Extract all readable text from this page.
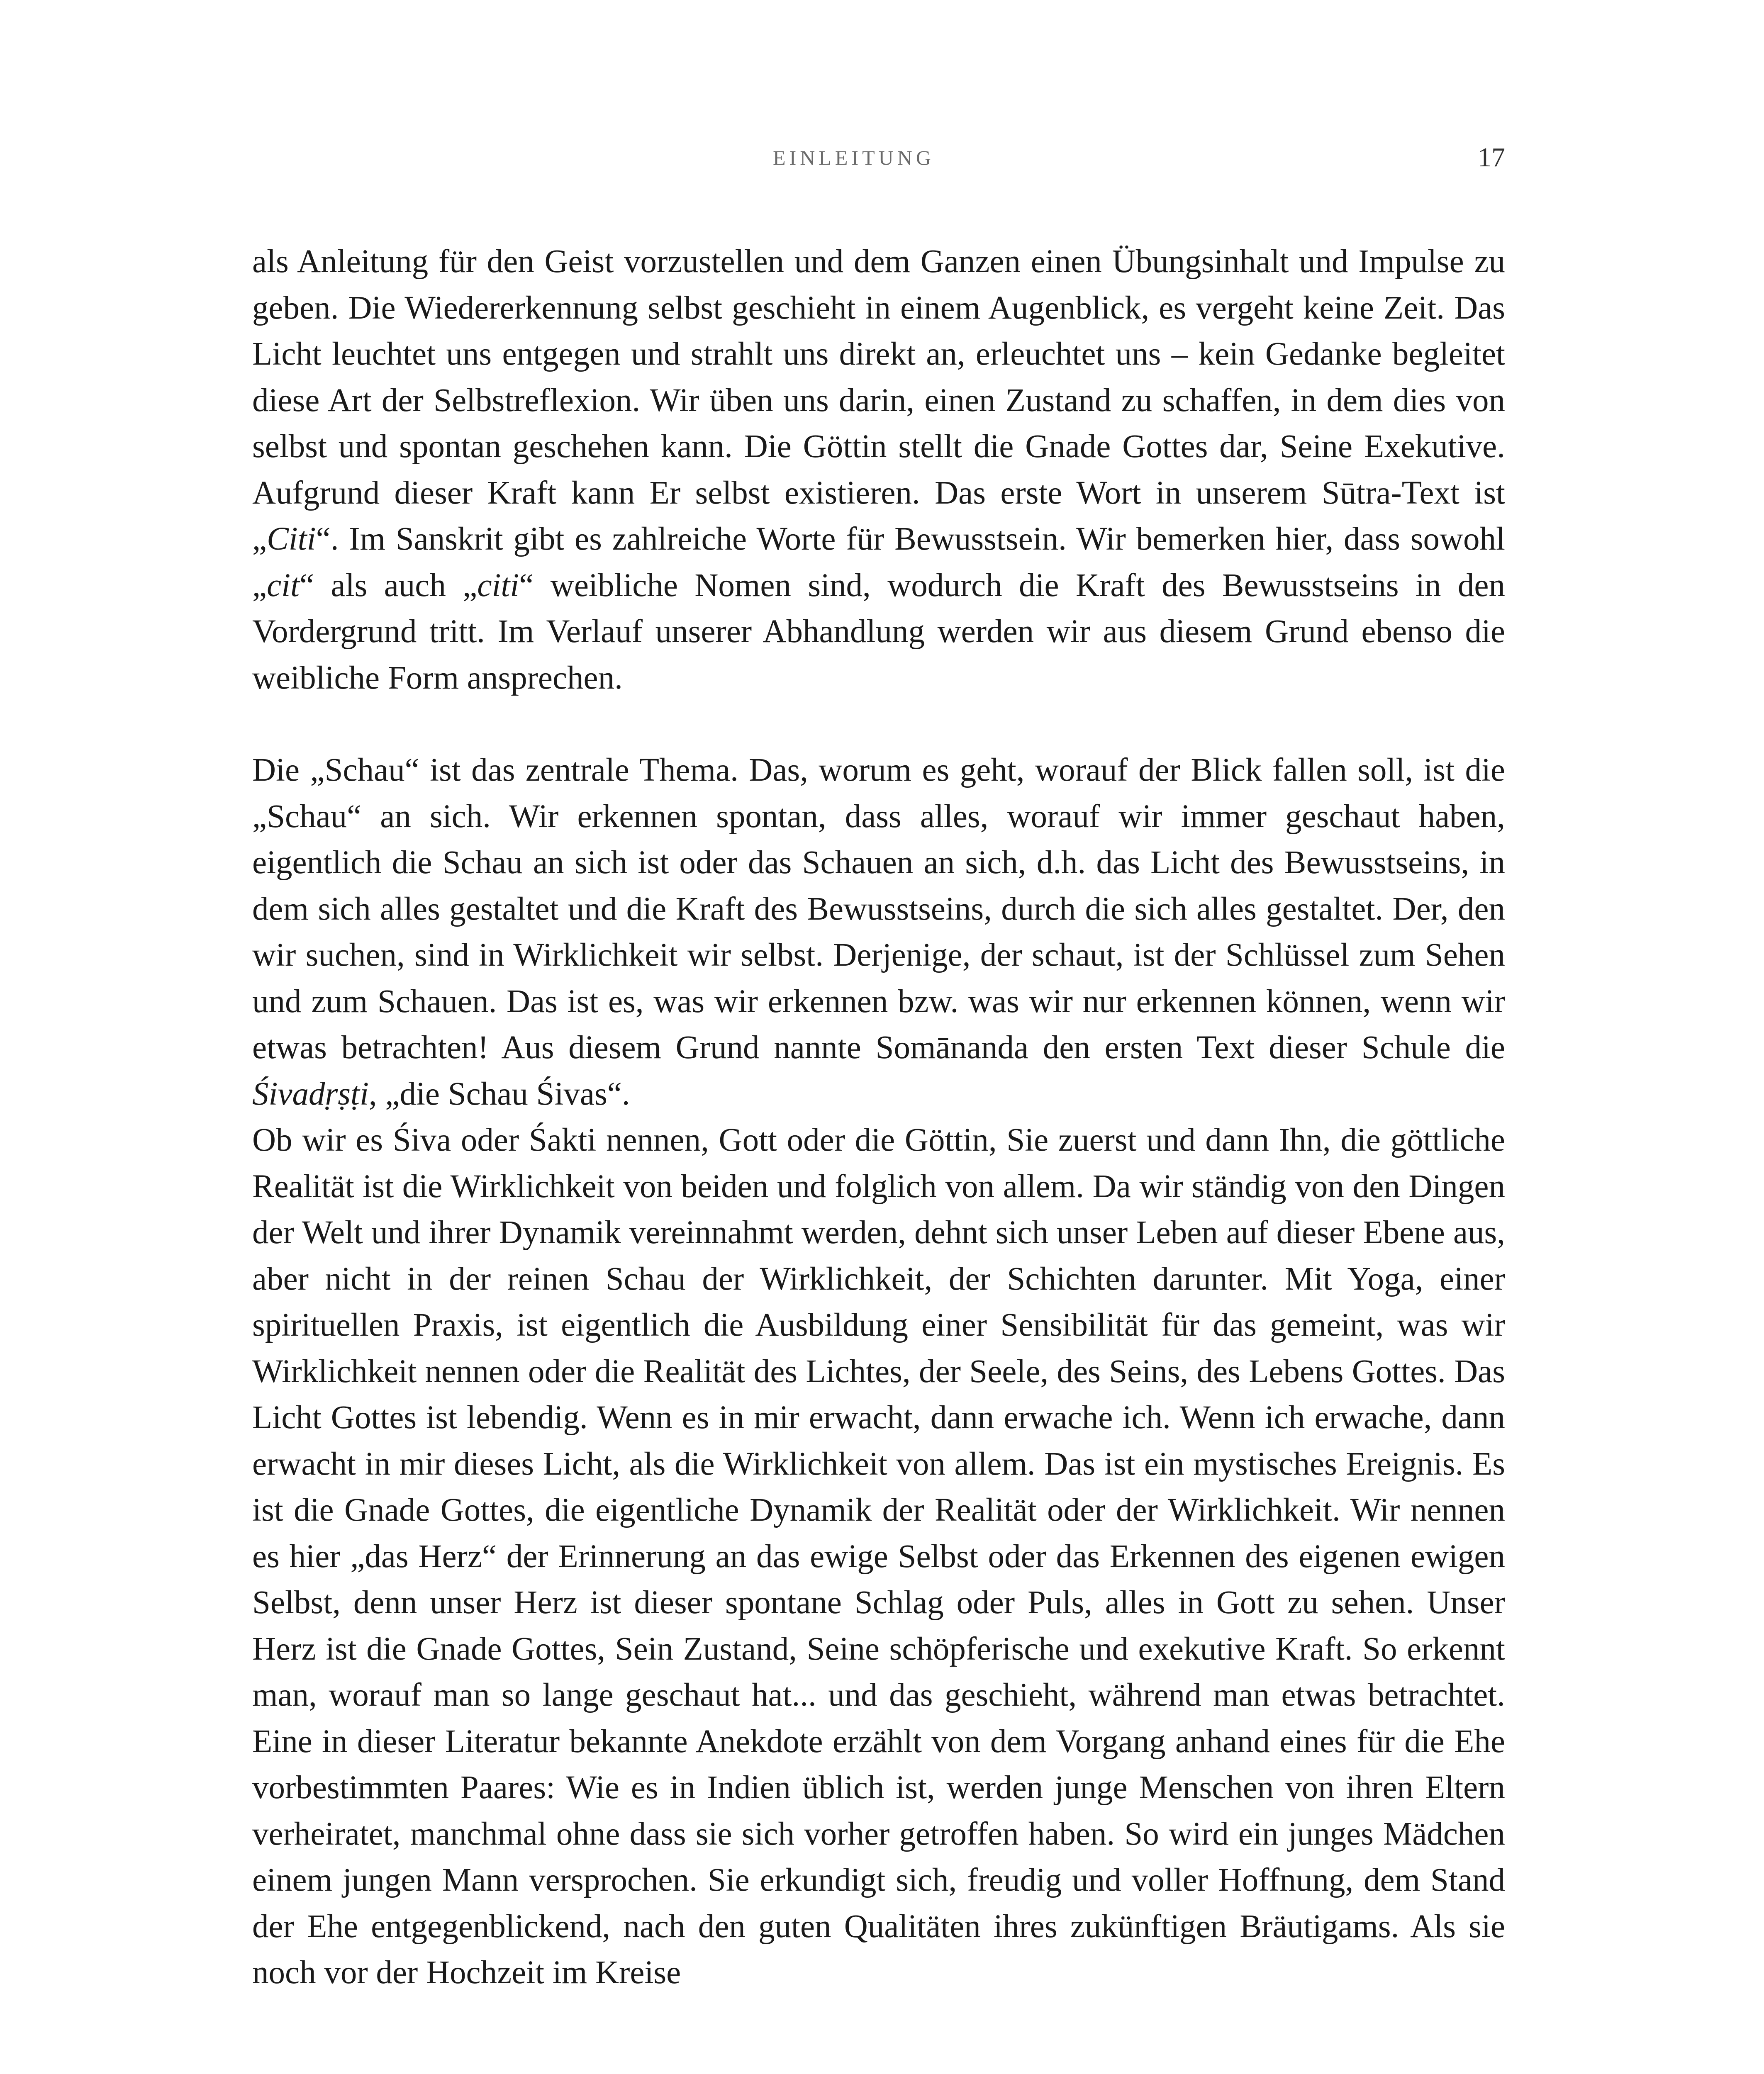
EINLEITUNG	17

als Anleitung für den Geist vorzustellen und dem Ganzen einen Übungsinhalt und Impulse zu geben. Die Wiedererkennung selbst geschieht in einem Augenblick, es vergeht keine Zeit. Das Licht leuchtet uns entgegen und strahlt uns direkt an, erleuchtet uns – kein Gedanke begleitet diese Art der Selbstreflexion. Wir üben uns darin, einen Zustand zu schaffen, in dem dies von selbst und spontan geschehen kann. Die Göttin stellt die Gnade Gottes dar, Seine Exekutive. Aufgrund dieser Kraft kann Er selbst existieren. Das erste Wort in unserem Sūtra-Text ist „Citi“. Im Sanskrit gibt es zahlreiche Worte für Bewusstsein. Wir bemerken hier, dass sowohl „cit“ als auch „citi“ weibliche Nomen sind, wodurch die Kraft des Bewusstseins in den Vordergrund tritt. Im Verlauf unserer Abhandlung werden wir aus diesem Grund ebenso die weibliche Form ansprechen.

Die „Schau“ ist das zentrale Thema. Das, worum es geht, worauf der Blick fallen soll, ist die „Schau“ an sich. Wir erkennen spontan, dass alles, worauf wir immer geschaut haben, eigentlich die Schau an sich ist oder das Schauen an sich, d.h. das Licht des Bewusstseins, in dem sich alles gestaltet und die Kraft des Bewusstseins, durch die sich alles gestaltet. Der, den wir suchen, sind in Wirklichkeit wir selbst. Derjenige, der schaut, ist der Schlüssel zum Sehen und zum Schauen. Das ist es, was wir erkennen bzw. was wir nur erkennen können, wenn wir etwas betrachten! Aus diesem Grund nannte Somānanda den ersten Text dieser Schule die Śivadṛṣṭi, „die Schau Śivas“.

Ob wir es Śiva oder Śakti nennen, Gott oder die Göttin, Sie zuerst und dann Ihn, die göttliche Realität ist die Wirklichkeit von beiden und folglich von allem. Da wir ständig von den Dingen der Welt und ihrer Dynamik vereinnahmt werden, dehnt sich unser Leben auf dieser Ebene aus, aber nicht in der reinen Schau der Wirklichkeit, der Schichten darunter. Mit Yoga, einer spirituellen Praxis, ist eigentlich die Ausbildung einer Sensibilität für das gemeint, was wir Wirklichkeit nennen oder die Realität des Lichtes, der Seele, des Seins, des Lebens Gottes. Das Licht Gottes ist lebendig. Wenn es in mir erwacht, dann erwache ich. Wenn ich erwache, dann erwacht in mir dieses Licht, als die Wirklichkeit von allem. Das ist ein mystisches Ereignis. Es ist die Gnade Gottes, die eigentliche Dynamik der Realität oder der Wirklichkeit. Wir nennen es hier „das Herz“ der Erinnerung an das ewige Selbst oder das Erkennen des eigenen ewigen Selbst, denn unser Herz ist dieser spontane Schlag oder Puls, alles in Gott zu sehen. Unser Herz ist die Gnade Gottes, Sein Zustand, Seine schöpferische und exekutive Kraft. So erkennt man, worauf man so lange geschaut hat... und das geschieht, während man etwas betrachtet. Eine in dieser Literatur bekannte Anekdote erzählt von dem Vorgang anhand eines für die Ehe vorbestimmten Paares: Wie es in Indien üblich ist, werden junge Menschen von ihren Eltern verheiratet, manchmal ohne dass sie sich vorher getroffen haben. So wird ein junges Mädchen einem jungen Mann versprochen. Sie erkundigt sich, freudig und voller Hoffnung, dem Stand der Ehe entgegenblickend, nach den guten Qualitäten ihres zukünftigen Bräutigams. Als sie noch vor der Hochzeit im Kreise
